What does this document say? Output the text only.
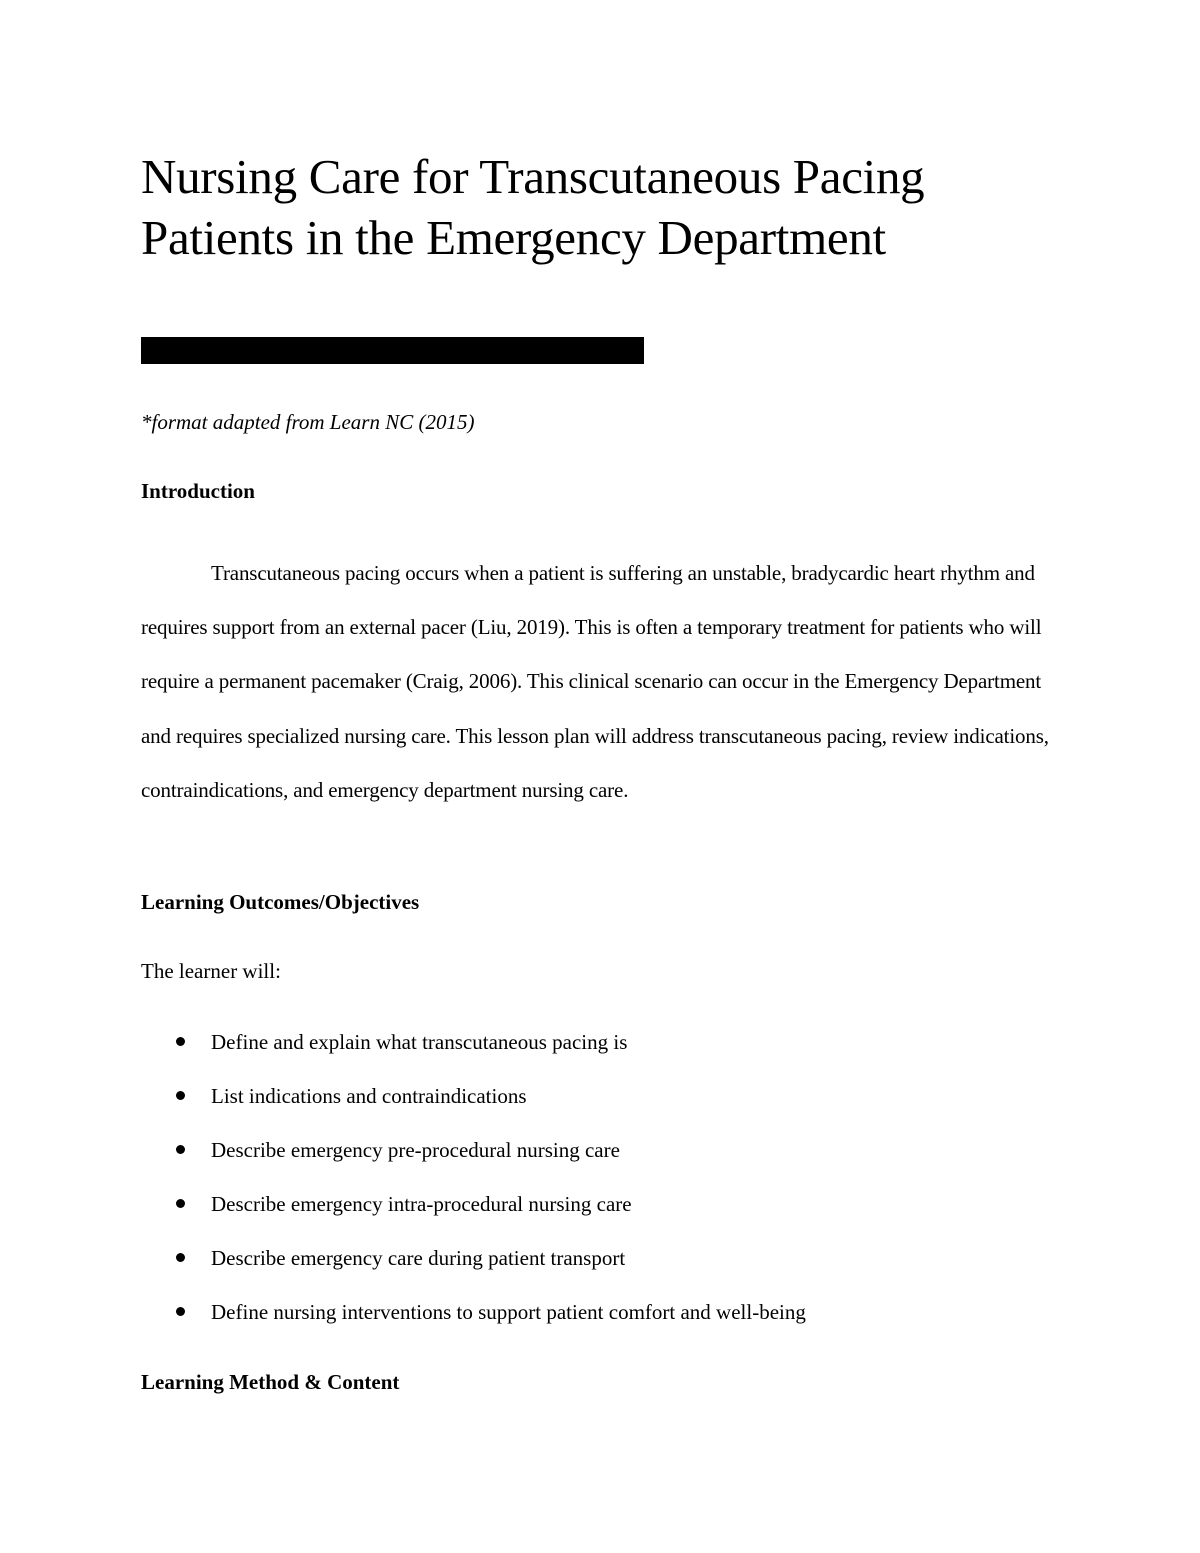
Nursing Care for Transcutaneous Pacing Patients in the Emergency Department

*format adapted from Learn NC (2015)

Introduction

Transcutaneous pacing occurs when a patient is suffering an unstable, bradycardic heart rhythm and requires support from an external pacer (Liu, 2019). This is often a temporary treatment for patients who will require a permanent pacemaker (Craig, 2006). This clinical scenario can occur in the Emergency Department and requires specialized nursing care. This lesson plan will address transcutaneous pacing, review indications, contraindications, and emergency department nursing care.

Learning Outcomes/Objectives

The learner will:

Define and explain what transcutaneous pacing is
List indications and contraindications
Describe emergency pre-procedural nursing care
Describe emergency intra-procedural nursing care
Describe emergency care during patient transport
Define nursing interventions to support patient comfort and well-being
Learning Method & Content
